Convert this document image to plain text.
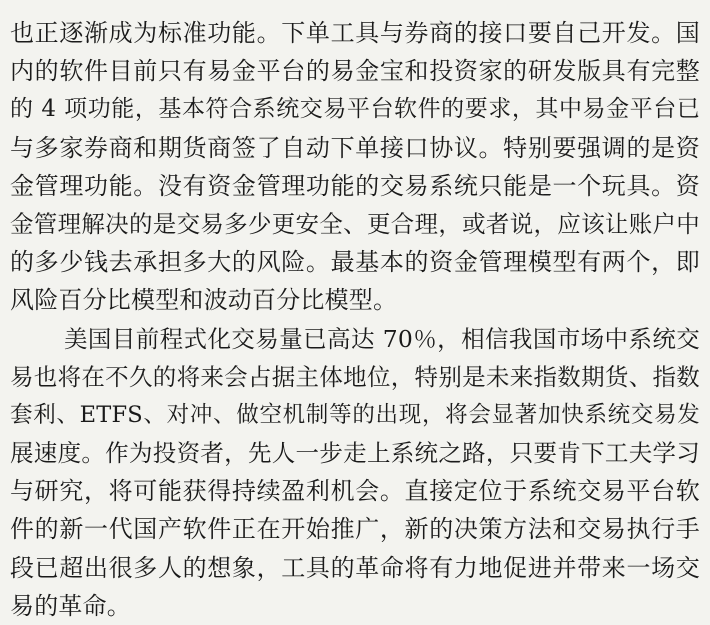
也正逐渐成为标准功能。下单工具与券商的接口要自己开发。国
内的软件目前只有易金平台的易金宝和投资家的研发版具有完整
的 4 项功能，基本符合系统交易平台软件的要求，其中易金平台已
与多家券商和期货商签了自动下单接口协议。特别要强调的是资
金管理功能。没有资金管理功能的交易系统只能是一个玩具。资
金管理解决的是交易多少更安全、更合理，或者说，应该让账户中
的多少钱去承担多大的风险。最基本的资金管理模型有两个，即
风险百分比模型和波动百分比模型。
美国目前程式化交易量已高达 70％，相信我国市场中系统交
易也将在不久的将来会占据主体地位，特别是未来指数期货、指数
套利、ETFS、对冲、做空机制等的出现，将会显著加快系统交易发
展速度。作为投资者，先人一步走上系统之路，只要肯下工夫学习
与研究，将可能获得持续盈利机会。直接定位于系统交易平台软
件的新一代国产软件正在开始推广，新的决策方法和交易执行手
段已超出很多人的想象，工具的革命将有力地促进并带来一场交
易的革命。
